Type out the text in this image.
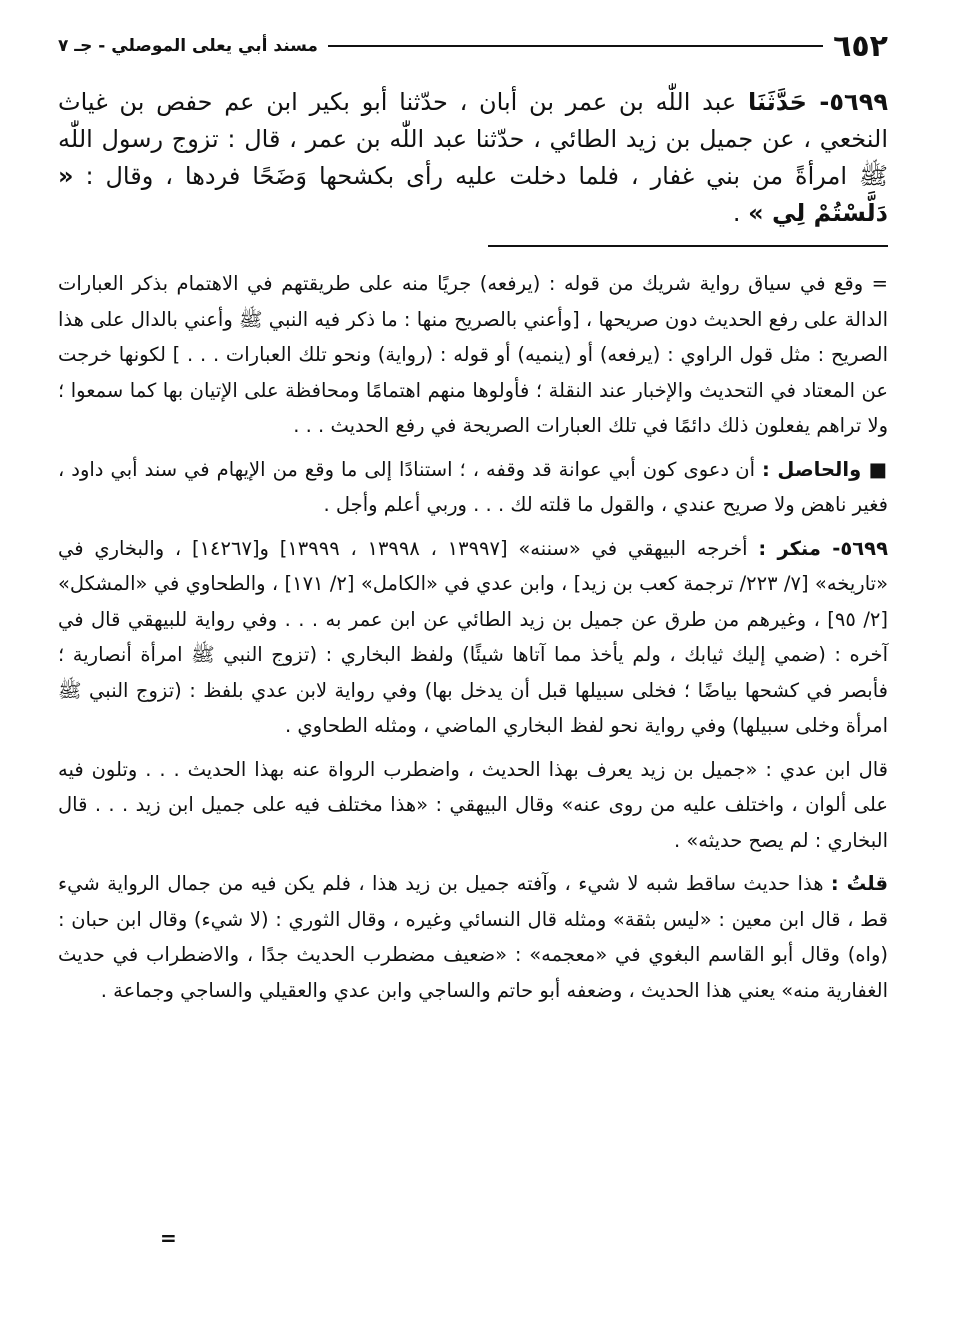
٦٥٢
مسند أبي يعلى الموصلي - جـ ٧
٥٦٩٩- حَدَّثَنَا عبد اللّٰه بن عمر بن أبان ، حدّثنا أبو بكير ابن عم حفص بن غياث النخعي ، عن جميل بن زيد الطائي ، حدّثنا عبد اللّٰه بن عمر ، قال : تزوج رسول اللّٰه ﷺ امرأةً من بني غفار ، فلما دخلت عليه رأى بكشحها وَضَحًا فردها ، وقال : « دَلَّسْتُمْ لِي » .

= وقع في سياق رواية شريك من قوله : (يرفعه) جريًا منه على طريقتهم في الاهتمام بذكر العبارات الدالة على رفع الحديث دون صريحها ، [وأعني بالصريح منها : ما ذكر فيه النبي ﷺ وأعني بالدال على هذا الصريح : مثل قول الراوي : (يرفعه) أو (ينميه) أو قوله : (رواية) ونحو تلك العبارات . . . ] لكونها خرجت عن المعتاد في التحديث والإخبار عند النقلة ؛ فأولوها منهم اهتمامًا ومحافظة على الإتيان بها كما سمعوا ؛ ولا تراهم يفعلون ذلك دائمًا في تلك العبارات الصريحة في رفع الحديث . . .

■ والحاصل : أن دعوى كون أبي عوانة قد وقفه ، ؛ استنادًا إلى ما وقع من الإيهام في سند أبي داود ، فغير ناهض ولا صريح عندي ، والقول ما قلته لك . . . وربي أعلم وأجل .

٥٦٩٩- منكر : أخرجه البيهقي في «سننه» [١٣٩٩٧ ، ١٣٩٩٨ ، ١٣٩٩٩] و[١٤٢٦٧] ، والبخاري في «تاريخه» [٧/ ٢٢٣/ ترجمة كعب بن زيد] ، وابن عدي في «الكامل» [٢/ ١٧١] ، والطحاوي في «المشكل» [٢/ ٩٥] ، وغيرهم من طرق عن جميل بن زيد الطائي عن ابن عمر به . . . وفي رواية للبيهقي قال في آخره : (ضمي إليك ثيابك ، ولم يأخذ مما آتاها شيئًا) ولفظ البخاري : (تزوج النبي ﷺ امرأة أنصارية ؛ فأبصر في كشحها بياضًا ؛ فخلى سبيلها قبل أن يدخل بها) وفي رواية لابن عدي بلفظ : (تزوج النبي ﷺ امرأة وخلى سبيلها) وفي رواية نحو لفظ البخاري الماضي ، ومثله الطحاوي .

قال ابن عدي : «جميل بن زيد يعرف بهذا الحديث ، واضطرب الرواة عنه بهذا الحديث . . . وتلون فيه على ألوان ، واختلف عليه من روى عنه» وقال البيهقي : «هذا مختلف فيه على جميل ابن زيد . . . قال البخاري : لم يصح حديثه» .

قلتُ : هذا حديث ساقط شبه لا شيء ، وآفته جميل بن زيد هذا ، فلم يكن فيه من جمال الرواية شيء قط ، قال ابن معين : «ليس بثقة» ومثله قال النسائي وغيره ، وقال الثوري : (لا شيء) وقال ابن حبان : (واه) وقال أبو القاسم البغوي في «معجمه» : «ضعيف مضطرب الحديث جدًا ، والاضطراب في حديث الغفارية منه» يعني هذا الحديث ، وضعفه أبو حاتم والساجي وابن عدي والعقيلي والساجي وجماعة .

=
